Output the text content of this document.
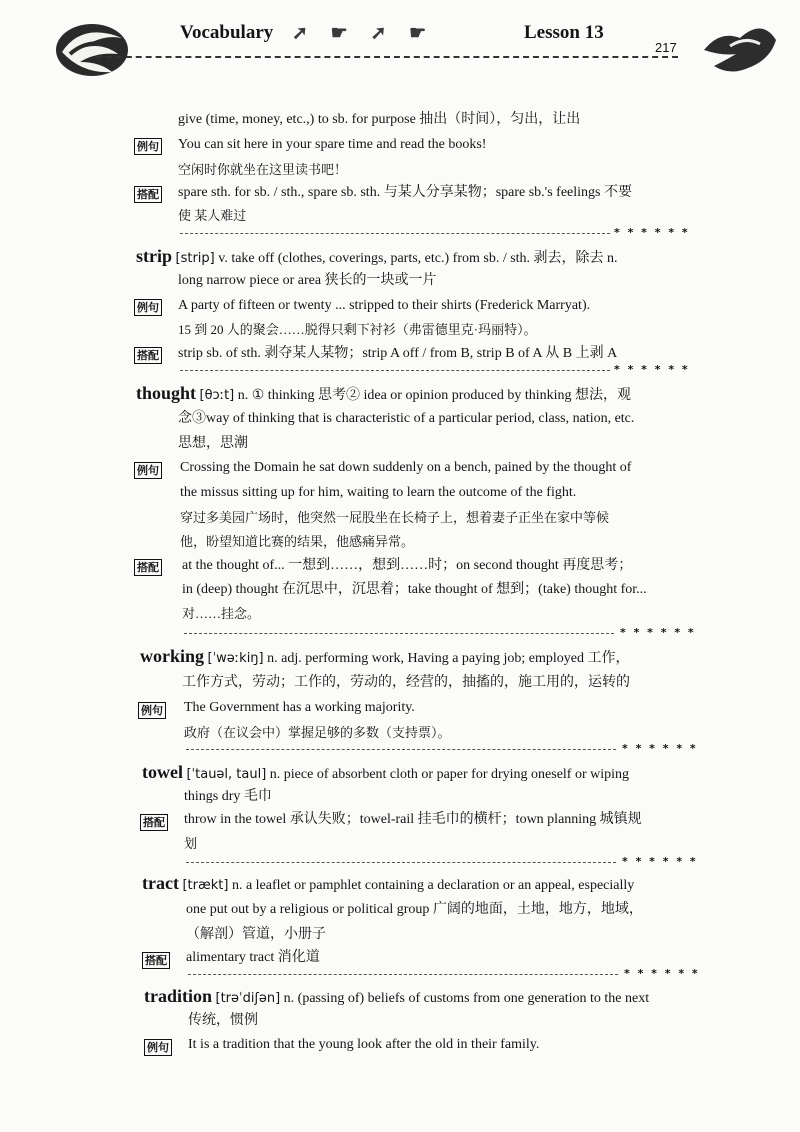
Vocabulary ➚ ☛ ➚ ☛	Lesson 13
217
give (time, money, etc.,) to sb. for purpose 抽出（时间），匀出，让出
例句 You can sit here in your spare time and read the books!
空闲时你就坐在这里读书吧！
搭配 spare sth. for sb. / sth., spare sb. sth. 与某人分享某物；spare sb.'s feelings 不要
使 某人难过
* * * * * *
strip [strip] v. take off (clothes, coverings, parts, etc.) from sb. / sth. 剥去，除去 n.
long narrow piece or area 狭长的一块或一片
例句 A party of fifteen or twenty ... stripped to their shirts (Frederick Marryat).
15 到 20 人的聚会……脱得只剩下衬衫（弗雷德里克·玛丽特）。
搭配 strip sb. of sth. 剥夺某人某物；strip A off / from B, strip B of A 从 B 上剥 A
* * * * * *
thought [θɔːt] n. ① thinking 思考② idea or opinion produced by thinking 想法，观
念③way of thinking that is characteristic of a particular period, class, nation, etc.
思想，思潮
例句 Crossing the Domain he sat down suddenly on a bench, pained by the thought of
the missus sitting up for him, waiting to learn the outcome of the fight.
穿过多美园广场时，他突然一屁股坐在长椅子上，想着妻子正坐在家中等候
他，盼望知道比赛的结果，他感痛异常。
搭配 at the thought of... 一想到……，想到……时；on second thought 再度思考；
in (deep) thought 在沉思中，沉思着；take thought of 想到；(take) thought for...
对……挂念。
* * * * * *
working [ˈwəːkiŋ] n. adj. performing work, Having a paying job; employed 工作，
工作方式，劳动；工作的，劳动的，经营的，抽搐的，施工用的，运转的
例句 The Government has a working majority.
政府（在议会中）掌握足够的多数（支持票）。
* * * * * *
towel [ˈtauəl, taul] n. piece of absorbent cloth or paper for drying oneself or wiping
things dry 毛巾
搭配 throw in the towel 承认失败；towel-rail 挂毛巾的横杆；town planning 城镇规
划
* * * * * *
tract [trækt] n. a leaflet or pamphlet containing a declaration or an appeal, especially
one put out by a religious or political group 广阔的地面，土地，地方，地域，
（解剖）管道，小册子
搭配 alimentary tract 消化道
* * * * * *
tradition [trəˈdiʃən] n. (passing of) beliefs of customs from one generation to the next
传统，惯例
例句 It is a tradition that the young look after the old in their family.
